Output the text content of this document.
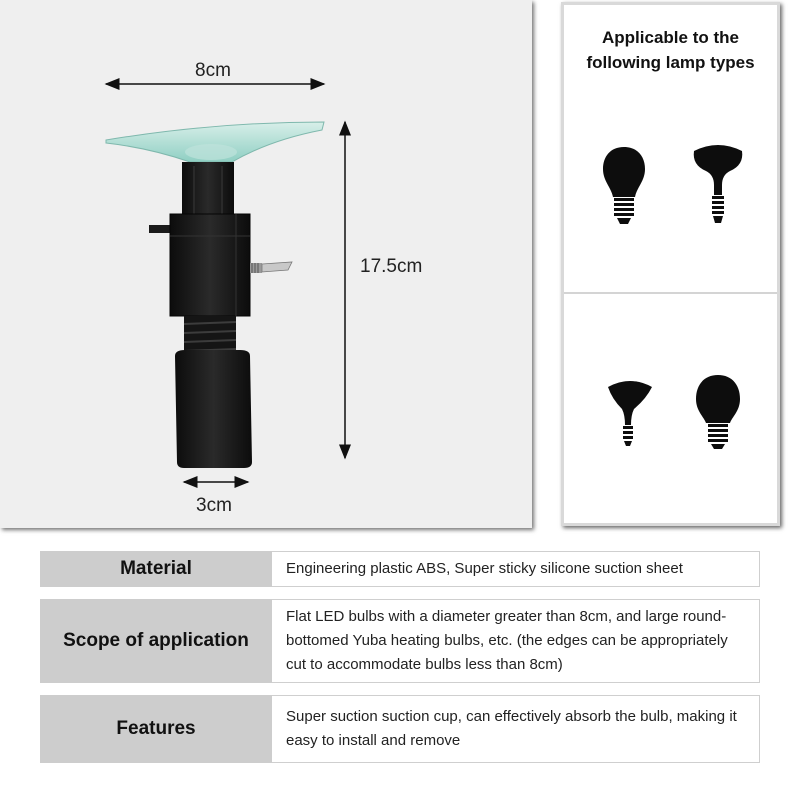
8cm
17.5cm
3cm
Applicable to the
following lamp types
Material	Engineering plastic ABS, Super sticky silicone suction sheet
Scope of application
Flat LED bulbs with a diameter greater than 8cm, and large round-bottomed Yuba heating bulbs, etc. (the edges can be appropriately cut to accommodate bulbs less than 8cm)
Features
Super suction suction cup, can effectively absorb the bulb, making it easy to install and remove
